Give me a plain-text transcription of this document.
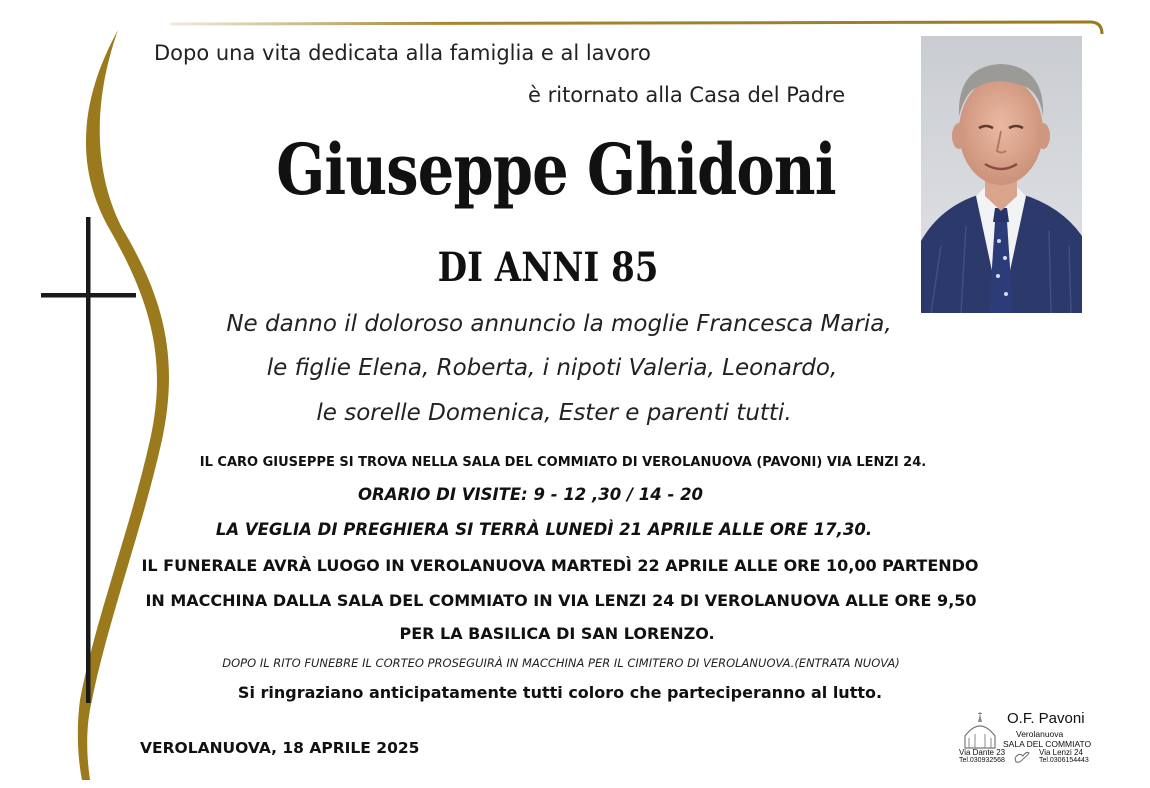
Dopo una vita dedicata alla famiglia e al lavoro
è ritornato alla Casa del Padre
Giuseppe Ghidoni
DI ANNI 85
Ne danno il doloroso annuncio la moglie Francesca Maria,
le figlie Elena, Roberta, i nipoti Valeria, Leonardo,
le sorelle Domenica, Ester e parenti tutti.
IL CARO GIUSEPPE SI TROVA NELLA SALA DEL COMMIATO DI VEROLANUOVA (PAVONI) VIA LENZI 24.
ORARIO DI VISITE: 9 - 12 ,30 / 14 - 20
LA VEGLIA DI PREGHIERA SI TERRÀ LUNEDÌ 21 APRILE ALLE ORE 17,30.
IL FUNERALE AVRÀ LUOGO IN VEROLANUOVA MARTEDÌ 22 APRILE ALLE ORE 10,00 PARTENDO
IN MACCHINA DALLA SALA DEL COMMIATO IN VIA LENZI 24 DI VEROLANUOVA ALLE ORE 9,50
PER LA BASILICA DI SAN LORENZO.
DOPO IL RITO FUNEBRE IL CORTEO PROSEGUIRÀ IN MACCHINA PER IL CIMITERO DI VEROLANUOVA.(ENTRATA NUOVA)
Si ringraziano anticipatamente tutti coloro che parteciperanno al lutto.
VEROLANUOVA, 18 APRILE 2025
O.F. Pavoni
Verolanuova
SALA DEL COMMIATO
Via Dante 23
Tel.030932568
Via Lenzi 24
Tel.0306154443
